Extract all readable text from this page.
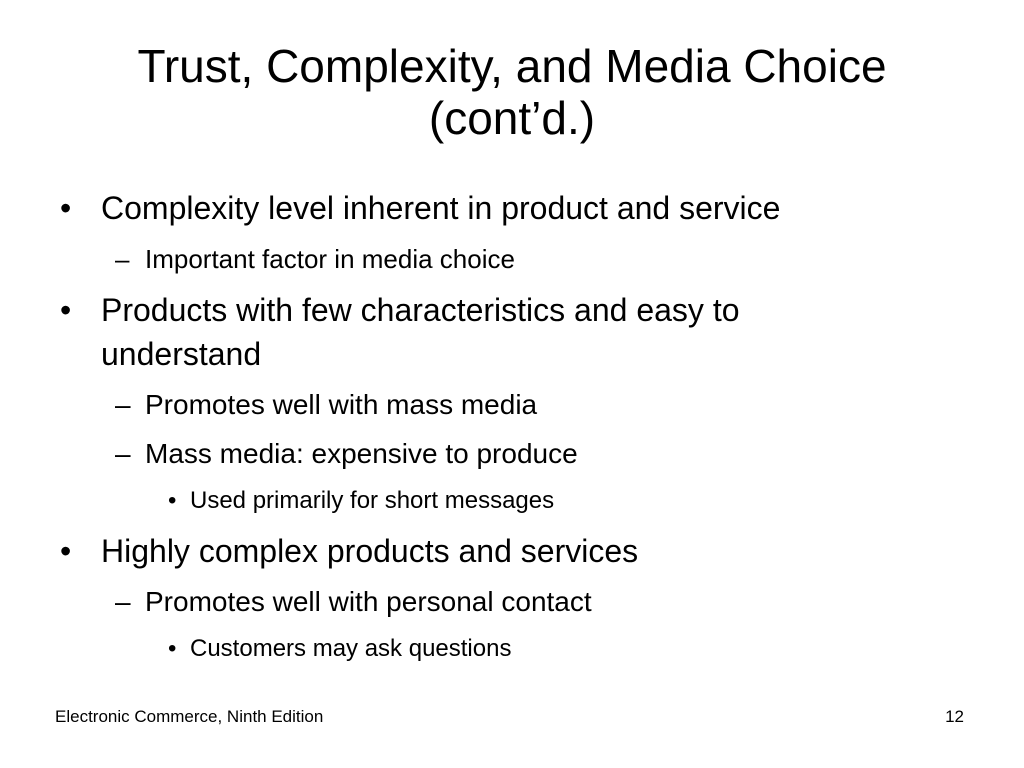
Trust, Complexity, and Media Choice
(cont’d.)
• Complexity level inherent in product and service
– Important factor in media choice
• Products with few characteristics and easy to
understand
– Promotes well with mass media
– Mass media: expensive to produce
• Used primarily for short messages
• Highly complex products and services
– Promotes well with personal contact
• Customers may ask questions
Electronic Commerce, Ninth Edition	12
